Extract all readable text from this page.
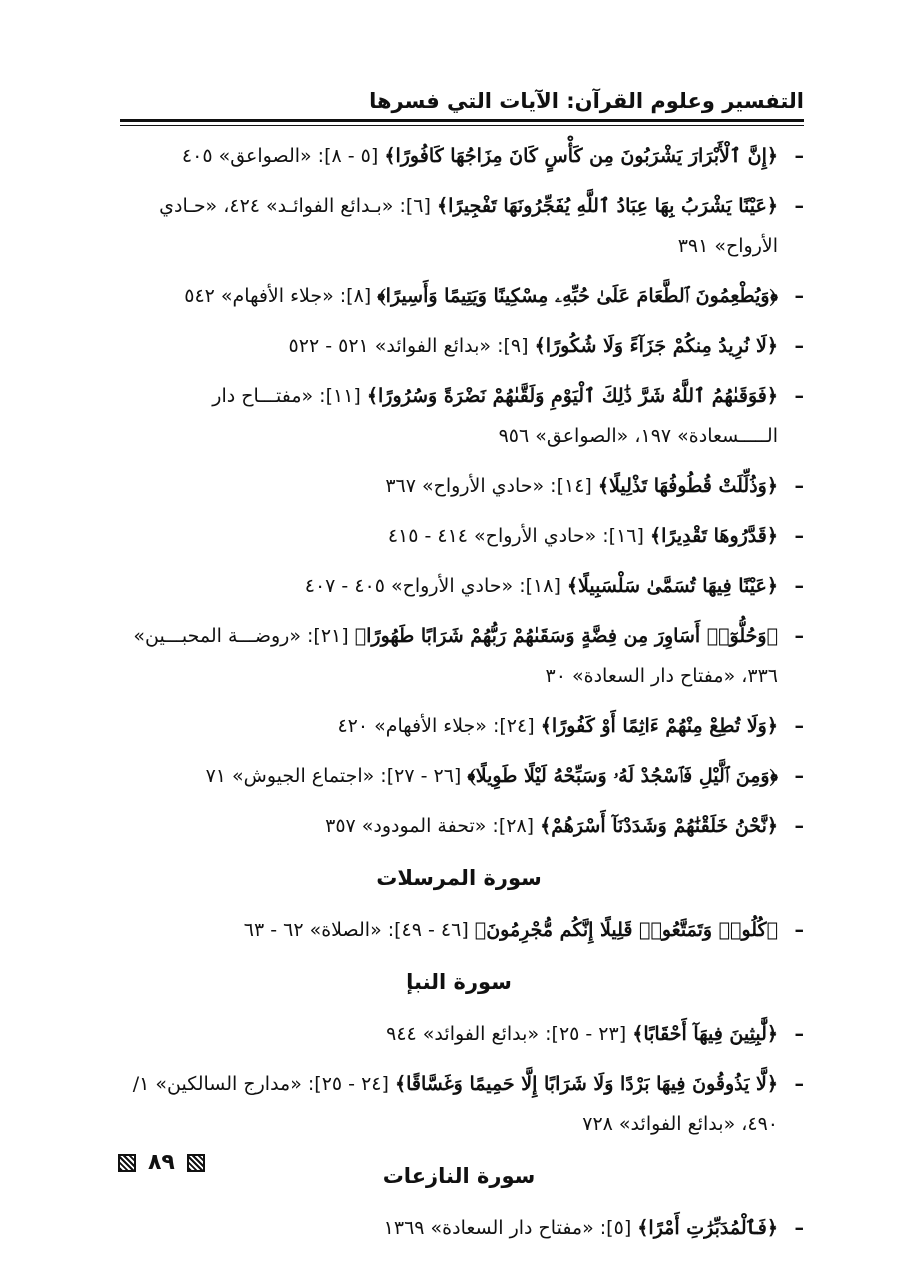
التفسير وعلوم القرآن: الآيات التي فسرها
–
﴿إِنَّ ٱلْأَبْرَارَ يَشْرَبُونَ مِن كَأْسٍ كَانَ مِزَاجُهَا كَافُورًا﴾ [٥ - ٨]: «الصواعق» ٤٠٥
–
﴿عَيْنًا يَشْرَبُ بِهَا عِبَادُ ٱللَّهِ يُفَجِّرُونَهَا تَفْجِيرًا﴾ [٦]: «بـدائع الفوائـد» ٤٢٤، «حـادي الأرواح» ٣٩١
–
﴿وَيُطْعِمُونَ ٱلطَّعَامَ عَلَىٰ حُبِّهِۦ مِسْكِينًا وَيَتِيمًا وَأَسِيرًا﴾ [٨]: «جلاء الأفهام» ٥٤٢
–
﴿لَا نُرِيدُ مِنكُمْ جَزَآءً وَلَا شُكُورًا﴾ [٩]: «بدائع الفوائد» ٥٢١ - ٥٢٢
–
﴿فَوَقَىٰهُمُ ٱللَّهُ شَرَّ ذَٰلِكَ ٱلْيَوْمِ وَلَقَّىٰهُمْ نَضْرَةً وَسُرُورًا﴾ [١١]: «مفتـــاح دار الـــــسعادة» ١٩٧، «الصواعق» ٩٥٦
–
﴿وَذُلِّلَتْ قُطُوفُهَا تَذْلِيلًا﴾ [١٤]: «حادي الأرواح» ٣٦٧
–
﴿قَدَّرُوهَا تَقْدِيرًا﴾ [١٦]: «حادي الأرواح» ٤١٤ - ٤١٥
–
﴿عَيْنًا فِيهَا تُسَمَّىٰ سَلْسَبِيلًا﴾ [١٨]: «حادي الأرواح» ٤٠٥ - ٤٠٧
–
﴿وَحُلُّوٓا۟ أَسَاوِرَ مِن فِضَّةٍ وَسَقَىٰهُمْ رَبُّهُمْ شَرَابًا طَهُورًا﴾ [٢١]: «روضـــة المحبـــين» ٣٣٦، «مفتاح دار السعادة» ٣٠
–
﴿وَلَا تُطِعْ مِنْهُمْ ءَاثِمًا أَوْ كَفُورًا﴾ [٢٤]: «جلاء الأفهام» ٤٢٠
–
﴿وَمِنَ ٱلَّيْلِ فَٱسْجُدْ لَهُۥ وَسَبِّحْهُ لَيْلًا طَوِيلًا﴾ [٢٦ - ٢٧]: «اجتماع الجيوش» ٧١
–
﴿نَّحْنُ خَلَقْنَٰهُمْ وَشَدَدْنَآ أَسْرَهُمْ﴾ [٢٨]: «تحفة المودود» ٣٥٧
سورة المرسلات
–
﴿كُلُوا۟ وَتَمَتَّعُوا۟ قَلِيلًا إِنَّكُم مُّجْرِمُونَ﴾ [٤٦ - ٤٩]: «الصلاة» ٦٢ - ٦٣
سورة النبإ
–
﴿لَّٰبِثِينَ فِيهَآ أَحْقَابًا﴾ [٢٣ - ٢٥]: «بدائع الفوائد» ٩٤٤
–
﴿لَّا يَذُوقُونَ فِيهَا بَرْدًا وَلَا شَرَابًا إِلَّا حَمِيمًا وَغَسَّاقًا﴾ [٢٤ - ٢٥]: «مدارج السالكين» ١/ ٤٩٠، «بدائع الفوائد» ٧٢٨
سورة النازعات
–
﴿فَٱلْمُدَبِّرَٰتِ أَمْرًا﴾ [٥]: «مفتاح دار السعادة» ١٣٦٩
٨٩
